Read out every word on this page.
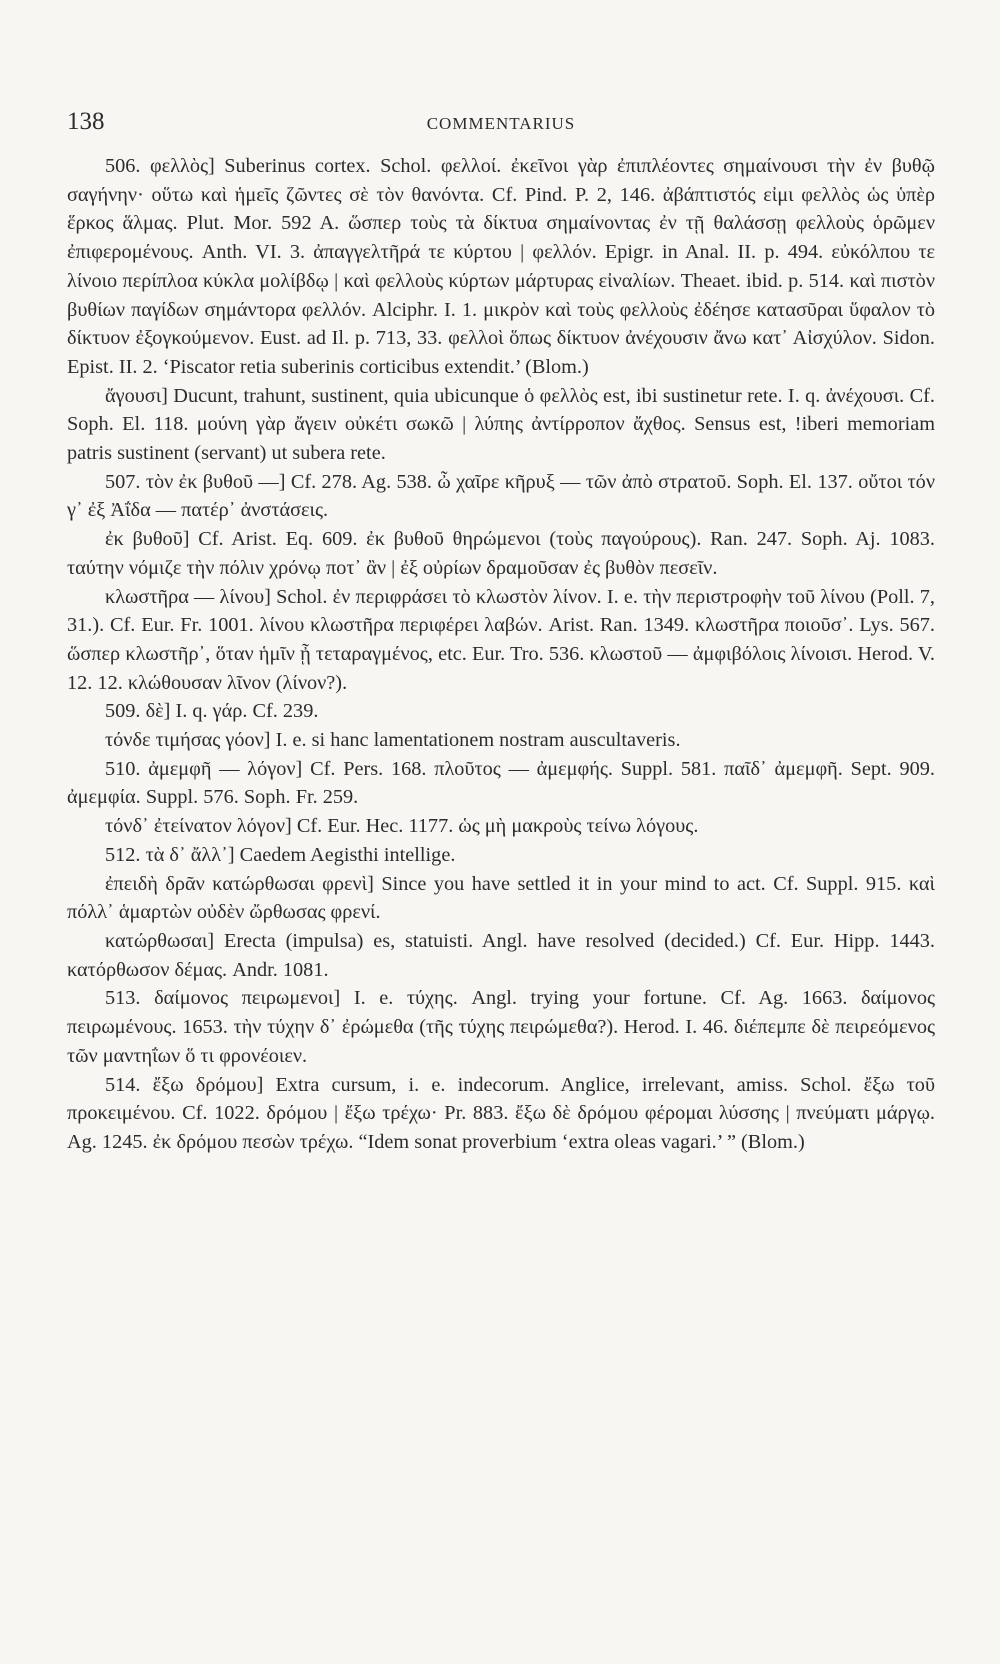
138	COMMENTARIUS

506. φελλὸς] Suberinus cortex. Schol. φελλοί. ἐκεῖνοι γὰρ ἐπιπλέοντες σημαίνουσι τὴν ἐν βυθῷ σαγήνην· οὕτω καὶ ἡμεῖς ζῶντες σὲ τὸν θανόντα. Cf. Pind. P. 2, 146. ἀβάπτιστός εἰμι φελλὸς ὡς ὑπὲρ ἕρκος ἅλμας. Plut. Mor. 592 A. ὥσπερ τοὺς τὰ δίκτυα σημαίνοντας ἐν τῇ θαλάσσῃ φελλοὺς ὁρῶμεν ἐπιφερομένους. Anth. VI. 3. ἀπαγγελτῆρά τε κύρτου | φελλόν. Epigr. in Anal. II. p. 494. εὐκόλπου τε λίνοιο περίπλοα κύκλα μολίβδῳ | καὶ φελλοὺς κύρτων μάρτυρας εἰναλίων. Theaet. ibid. p. 514. καὶ πιστὸν βυθίων παγίδων σημάντορα φελλόν. Alciphr. I. 1. μικρὸν καὶ τοὺς φελλοὺς ἐδέησε κατασῦραι ὕφαλον τὸ δίκτυον ἐξογκούμενον. Eust. ad Il. p. 713, 33. φελλοὶ ὅπως δίκτυον ἀνέχουσιν ἄνω κατ᾽ Αἰσχύλον. Sidon. Epist. II. 2. ‘Piscator retia suberinis corticibus extendit.’ (Blom.)

ἄγουσι] Ducunt, trahunt, sustinent, quia ubicunque ὁ φελλὸς est, ibi sustinetur rete. I. q. ἀνέχουσι. Cf. Soph. El. 118. μούνη γὰρ ἄγειν οὐκέτι σωκῶ | λύπης ἀντίρροπον ἄχθος. Sensus est, !iberi memoriam patris sustinent (servant) ut subera rete.

507. τὸν ἐκ βυθοῦ —] Cf. 278. Ag. 538. ὦ χαῖρε κῆρυξ — τῶν ἀπὸ στρατοῦ. Soph. El. 137. οὔτοι τόν γ᾽ ἐξ Ἀΐδα — πατέρ᾽ ἀνστάσεις.

ἐκ βυθοῦ] Cf. Arist. Eq. 609. ἐκ βυθοῦ θηρώμενοι (τοὺς παγούρους). Ran. 247. Soph. Aj. 1083. ταύτην νόμιζε τὴν πόλιν χρόνῳ ποτ᾽ ἂν | ἐξ οὐρίων δραμοῦσαν ἐς βυθὸν πεσεῖν.

κλωστῆρα — λίνου] Schol. ἐν περιφράσει τὸ κλωστὸν λίνον. I. e. τὴν περιστροφὴν τοῦ λίνου (Poll. 7, 31.). Cf. Eur. Fr. 1001. λίνου κλωστῆρα περιφέρει λαβών. Arist. Ran. 1349. κλωστῆρα ποιοῦσ᾽. Lys. 567. ὥσπερ κλωστῆρ᾽, ὅταν ἡμῖν ᾖ τεταραγμένος, etc. Eur. Tro. 536. κλωστοῦ — ἀμφιβόλοις λίνοισι. Herod. V. 12. 12. κλώθουσαν λῖνον (λίνον?).

509. δὲ] I. q. γάρ. Cf. 239.

τόνδε τιμήσας γόον] I. e. si hanc lamentationem nostram auscultaveris.

510. ἀμεμφῆ — λόγον] Cf. Pers. 168. πλοῦτος — ἀμεμφής. Suppl. 581. παῖδ᾽ ἀμεμφῆ. Sept. 909. ἀμεμφία. Suppl. 576. Soph. Fr. 259.

τόνδ᾽ ἐτείνατον λόγον] Cf. Eur. Hec. 1177. ὡς μὴ μακροὺς τείνω λόγους.

512. τὰ δ᾽ ἄλλ᾽] Caedem Aegisthi intellige.

ἐπειδὴ δρᾶν κατώρθωσαι φρενὶ] Since you have settled it in your mind to act. Cf. Suppl. 915. καὶ πόλλ᾽ ἁμαρτὼν οὐδὲν ὤρθωσας φρενί.

κατώρθωσαι] Erecta (impulsa) es, statuisti. Angl. have resolved (decided.) Cf. Eur. Hipp. 1443. κατόρθωσον δέμας. Andr. 1081.

513. δαίμονος πειρωμενοι] I. e. τύχης. Angl. trying your fortune. Cf. Ag. 1663. δαίμονος πειρωμένους. 1653. τὴν τύχην δ᾽ ἐρώμεθα (τῆς τύχης πειρώμεθα?). Herod. I. 46. διέπεμπε δὲ πειρεόμενος τῶν μαντηΐων ὅ τι φρονέοιεν.

514. ἔξω δρόμου] Extra cursum, i. e. indecorum. Anglice, irrelevant, amiss. Schol. ἔξω τοῦ προκειμένου. Cf. 1022. δρόμου | ἔξω τρέχω· Pr. 883. ἔξω δὲ δρόμου φέρομαι λύσσης | πνεύματι μάργῳ. Ag. 1245. ἐκ δρόμου πεσὼν τρέχω. “Idem sonat proverbium ‘extra oleas vagari.’ ” (Blom.)
